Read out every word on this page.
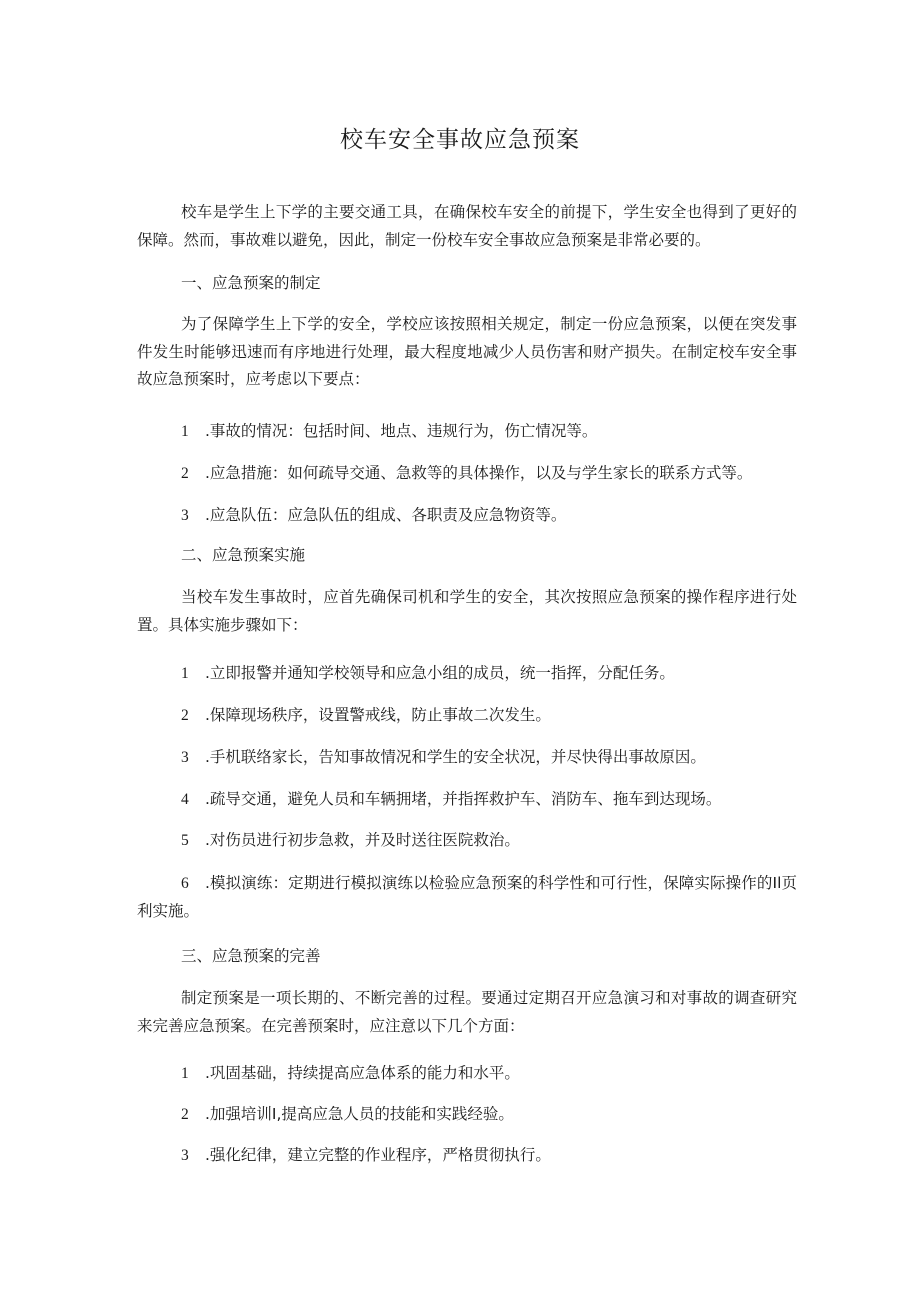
校车安全事故应急预案
校车是学生上下学的主要交通工具，在确保校车安全的前提下，学生安全也得到了更好的保障。然而，事故难以避免，因此，制定一份校车安全事故应急预案是非常必要的。
一、应急预案的制定
为了保障学生上下学的安全，学校应该按照相关规定，制定一份应急预案，以便在突发事件发生时能够迅速而有序地进行处理，最大程度地减少人员伤害和财产损失。在制定校车安全事故应急预案时，应考虑以下要点：
1 .事故的情况：包括时间、地点、违规行为，伤亡情况等。
2 .应急措施：如何疏导交通、急救等的具体操作，以及与学生家长的联系方式等。
3 .应急队伍：应急队伍的组成、各职责及应急物资等。
二、应急预案实施
当校车发生事故时，应首先确保司机和学生的安全，其次按照应急预案的操作程序进行处置。具体实施步骤如下：
1 .立即报警并通知学校领导和应急小组的成员，统一指挥，分配任务。
2 .保障现场秩序，设置警戒线，防止事故二次发生。
3 .手机联络家长，告知事故情况和学生的安全状况，并尽快得出事故原因。
4 .疏导交通，避免人员和车辆拥堵，并指挥救护车、消防车、拖车到达现场。
5 .对伤员进行初步急救，并及时送往医院救治。
6 .模拟演练：定期进行模拟演练以检验应急预案的科学性和可行性，保障实际操作的Il页利实施。
三、应急预案的完善
制定预案是一项长期的、不断完善的过程。要通过定期召开应急演习和对事故的调查研究来完善应急预案。在完善预案时，应注意以下几个方面：
1 .巩固基础，持续提高应急体系的能力和水平。
2 .加强培训I,提高应急人员的技能和实践经验。
3 .强化纪律，建立完整的作业程序，严格贯彻执行。
